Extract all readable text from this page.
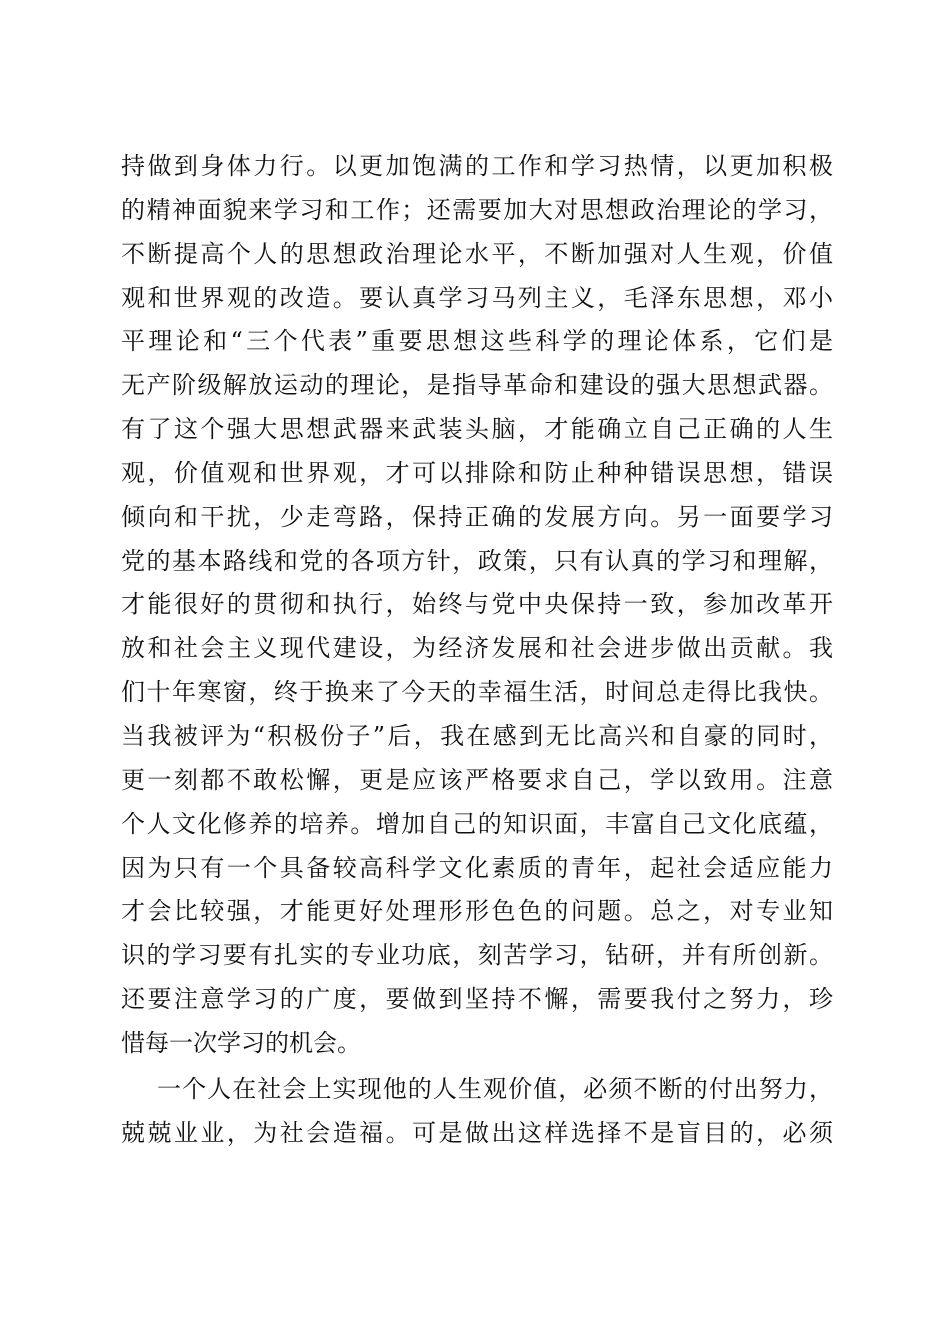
持做到身体力行。以更加饱满的工作和学习热情，以更加积极
的精神面貌来学习和工作；还需要加大对思想政治理论的学习，
不断提高个人的思想政治理论水平，不断加强对人生观，价值
观和世界观的改造。要认真学习马列主义，毛泽东思想，邓小
平理论和“三个代表”重要思想这些科学的理论体系，它们是
无产阶级解放运动的理论，是指导革命和建设的强大思想武器。
有了这个强大思想武器来武装头脑，才能确立自己正确的人生
观，价值观和世界观，才可以排除和防止种种错误思想，错误
倾向和干扰，少走弯路，保持正确的发展方向。另一面要学习
党的基本路线和党的各项方针，政策，只有认真的学习和理解，
才能很好的贯彻和执行，始终与党中央保持一致，参加改革开
放和社会主义现代建设，为经济发展和社会进步做出贡献。我
们十年寒窗，终于换来了今天的幸福生活，时间总走得比我快。
当我被评为“积极份子”后，我在感到无比高兴和自豪的同时，
更一刻都不敢松懈，更是应该严格要求自己，学以致用。注意
个人文化修养的培养。增加自己的知识面，丰富自己文化底蕴，
因为只有一个具备较高科学文化素质的青年，起社会适应能力
才会比较强，才能更好处理形形色色的问题。总之，对专业知
识的学习要有扎实的专业功底，刻苦学习，钻研，并有所创新。
还要注意学习的广度，要做到坚持不懈，需要我付之努力，珍
惜每一次学习的机会。
一个人在社会上实现他的人生观价值，必须不断的付出努力，
兢兢业业，为社会造福。可是做出这样选择不是盲目的，必须
